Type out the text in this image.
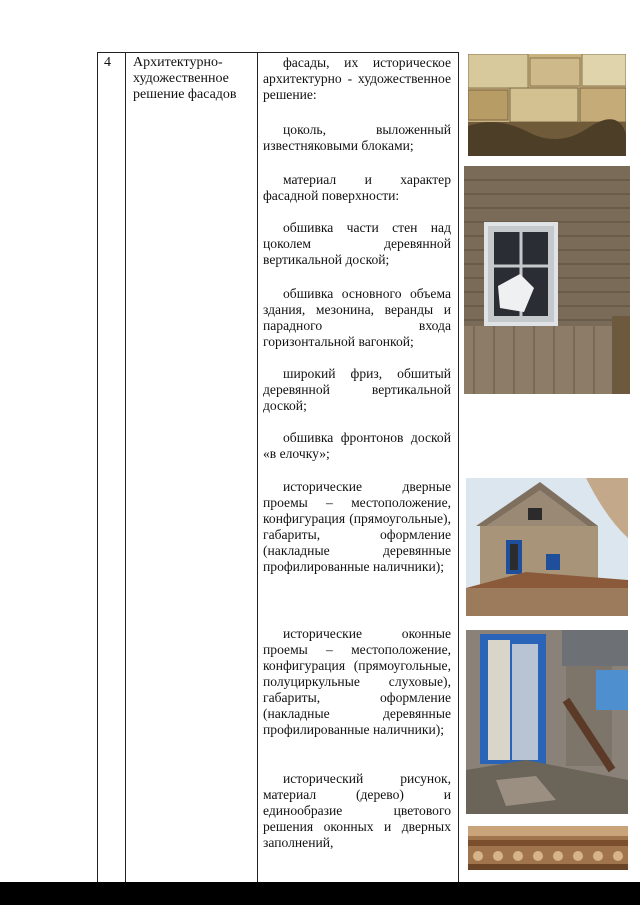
4 Архитектурно-художественное решение фасадов
фасады, их историческое архитектурно - художественное решение:
цоколь, выложенный известняковыми блоками;
материал и характер фасадной поверхности:
обшивка части стен над цоколем деревянной вертикальной доской;
обшивка основного объема здания, мезонина, веранды и парадного входа горизонтальной вагонкой;
широкий фриз, обшитый деревянной вертикальной доской;
обшивка фронтонов доской «в елочку»;
исторические дверные проемы – местоположение, конфигурация (прямоугольные), габариты, оформление (накладные деревянные профилированные наличники);
исторические оконные проемы – местоположение, конфигурация (прямоугольные, полуциркульные слуховые), габариты, оформление (накладные деревянные профилированные наличники);
исторический рисунок, материал (дерево) и единообразие цветового решения оконных и дверных заполнений,
